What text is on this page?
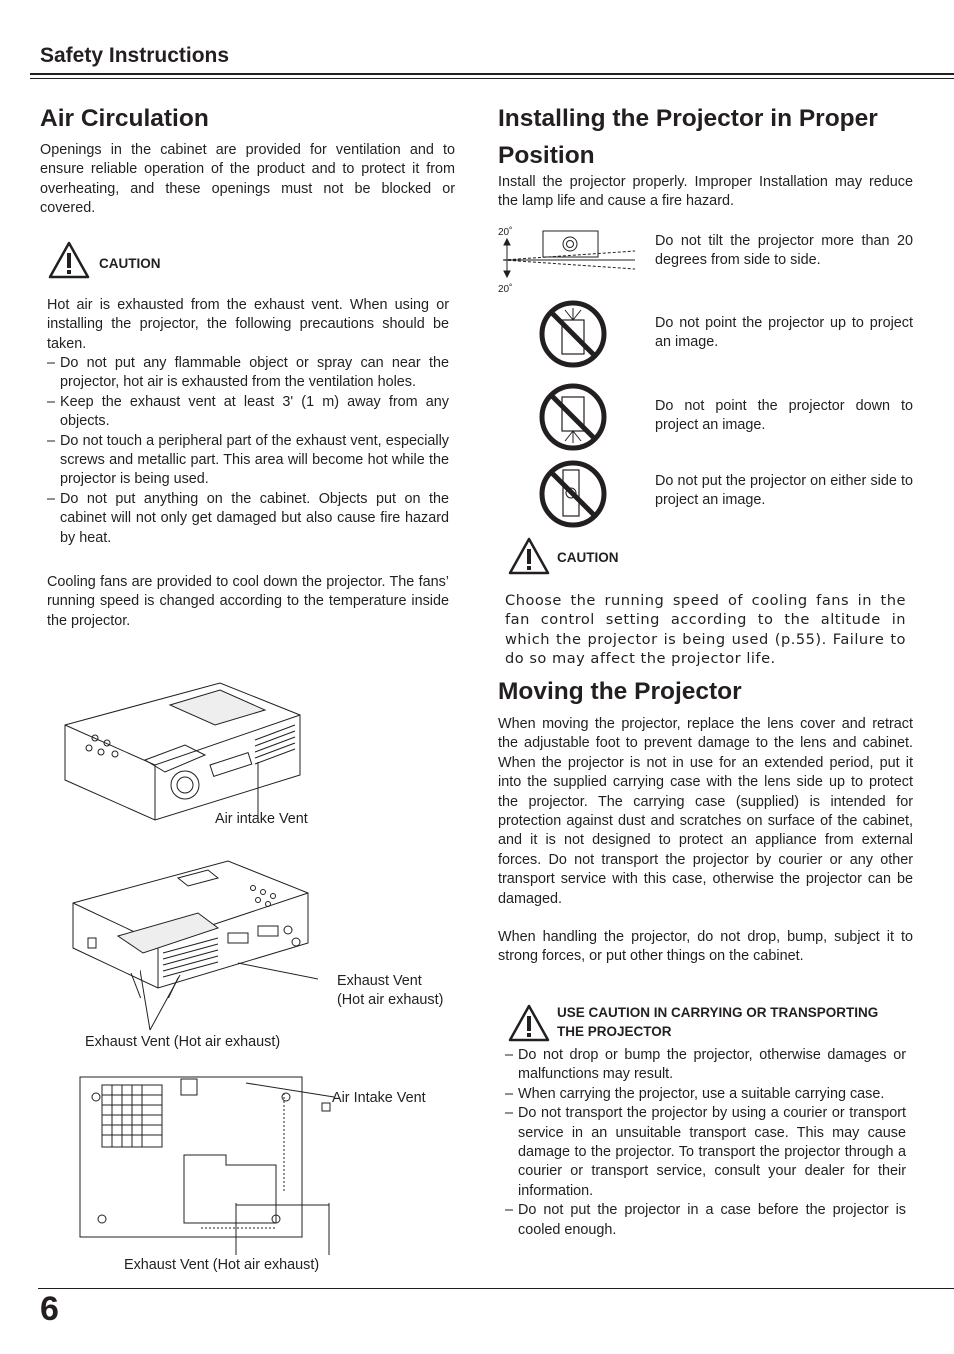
Safety Instructions
Air Circulation

Openings in the cabinet are provided for ventilation and to ensure reliable operation of the product and to protect it from overheating, and these openings must not be blocked or covered.

CAUTION

Hot air is exhausted from the exhaust vent. When using or installing the projector, the following precautions should be taken.

– Do not put any flammable object or spray can near the projector, hot air is exhausted from the ventilation holes.
– Keep the exhaust vent at least 3' (1 m) away from any objects.
– Do not touch a peripheral part of the exhaust vent, especially screws and metallic part. This area will become hot while the projector is being used.
– Do not put anything on the cabinet. Objects put on the cabinet will not only get damaged but also cause fire hazard by heat.

Cooling fans are provided to cool down the projector. The fans’ running speed is changed according to the temperature inside the projector.

Air intake Vent
Exhaust Vent
(Hot air exhaust)
Exhaust Vent (Hot air exhaust)
Air Intake Vent
Exhaust Vent (Hot air exhaust)
Installing the Projector in Proper
Position

Install the projector properly. Improper Installation may reduce the lamp life and cause a fire hazard.

20˚
20˚

Do not tilt the projector more than 20 degrees from side to side.

Do not point the projector up to project an image.

Do not point the projector down to project an image.

Do not put the projector on either side to project an image.

CAUTION

Choose the running speed of cooling fans in the fan control setting according to the altitude in which the projector is being used (p.55). Failure to do so may affect the projector life.

Moving the Projector

When moving the projector, replace the lens cover and retract the adjustable foot to prevent damage to the lens and cabinet. When the projector is not in use for an extended period, put it into the supplied carrying case with the lens side up to protect the projector. The carrying case (supplied) is intended for protection against dust and scratches on surface of the cabinet, and it is not designed to protect an appliance from external forces. Do not transport the projector by courier or any other transport service with this case, otherwise the projector can be damaged.

When handling the projector, do not drop, bump, subject it to strong forces, or put other things on the cabinet.

USE CAUTION IN CARRYING OR TRANSPORTING
THE PROJECTOR
– Do not drop or bump the projector, otherwise damages or malfunctions may result.
– When carrying the projector, use a suitable carrying case.
– Do not transport the projector by using a courier or transport service in an unsuitable transport case. This may cause damage to the projector. To transport the projector through a courier or transport service, consult your dealer for their information.
– Do not put the projector in a case before the projector is cooled enough.
6
